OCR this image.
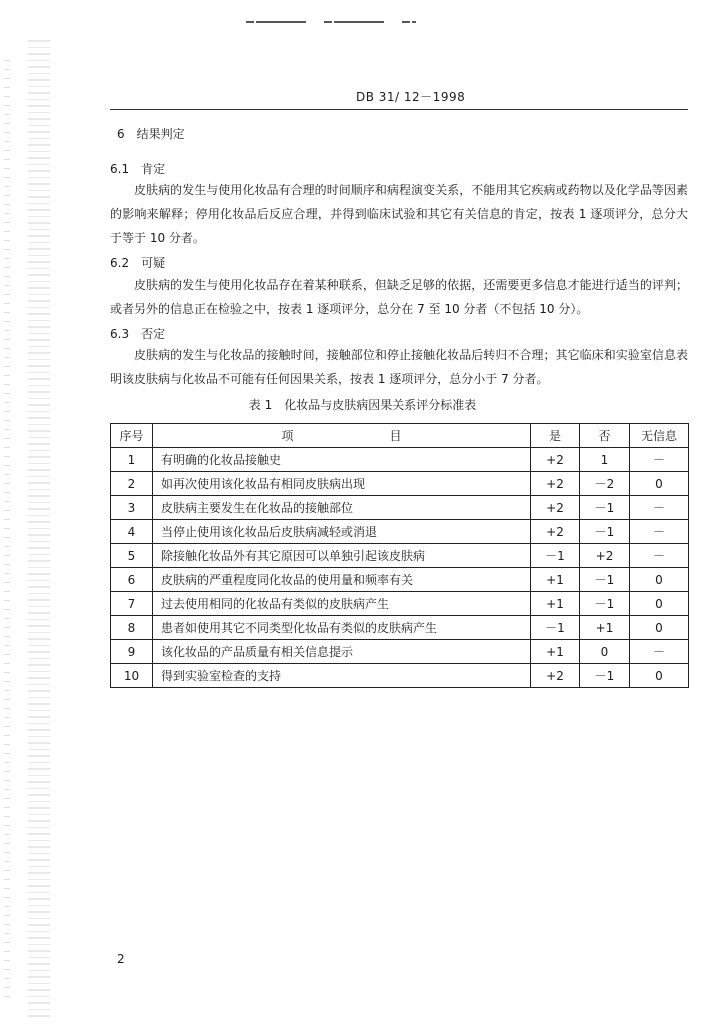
DB 31/ 12－1998
6　结果判定
6.1　肯定
皮肤病的发生与使用化妆品有合理的时间顺序和病程演变关系，不能用其它疾病或药物以及化学品等因素的影响来解释；停用化妆品后反应合理，并得到临床试验和其它有关信息的肯定，按表 1 逐项评分，总分大于等于 10 分者。
6.2　可疑
皮肤病的发生与使用化妆品存在着某种联系，但缺乏足够的依据，还需要更多信息才能进行适当的评判；或者另外的信息正在检验之中，按表 1 逐项评分，总分在 7 至 10 分者（不包括 10 分）。
6.3　否定
皮肤病的发生与化妆品的接触时间，接触部位和停止接触化妆品后转归不合理；其它临床和实验室信息表明该皮肤病与化妆品不可能有任何因果关系，按表 1 逐项评分，总分小于 7 分者。
表 1　化妆品与皮肤病因果关系评分标准表
序号	项　　　　　　　　目	是	否	无信息
1	有明确的化妆品接触史	+2	1	－
2	如再次使用该化妆品有相同皮肤病出现	+2	－2	0
3	皮肤病主要发生在化妆品的接触部位	+2	－1	－
4	当停止使用该化妆品后皮肤病减轻或消退	+2	－1	－
5	除接触化妆品外有其它原因可以单独引起该皮肤病	－1	+2	－
6	皮肤病的严重程度同化妆品的使用量和频率有关	+1	－1	0
7	过去使用相同的化妆品有类似的皮肤病产生	+1	－1	0
8	患者如使用其它不同类型化妆品有类似的皮肤病产生	－1	+1	0
9	该化妆品的产品质量有相关信息提示	+1	0	－
10	得到实验室检查的支持	+2	－1	0
2
